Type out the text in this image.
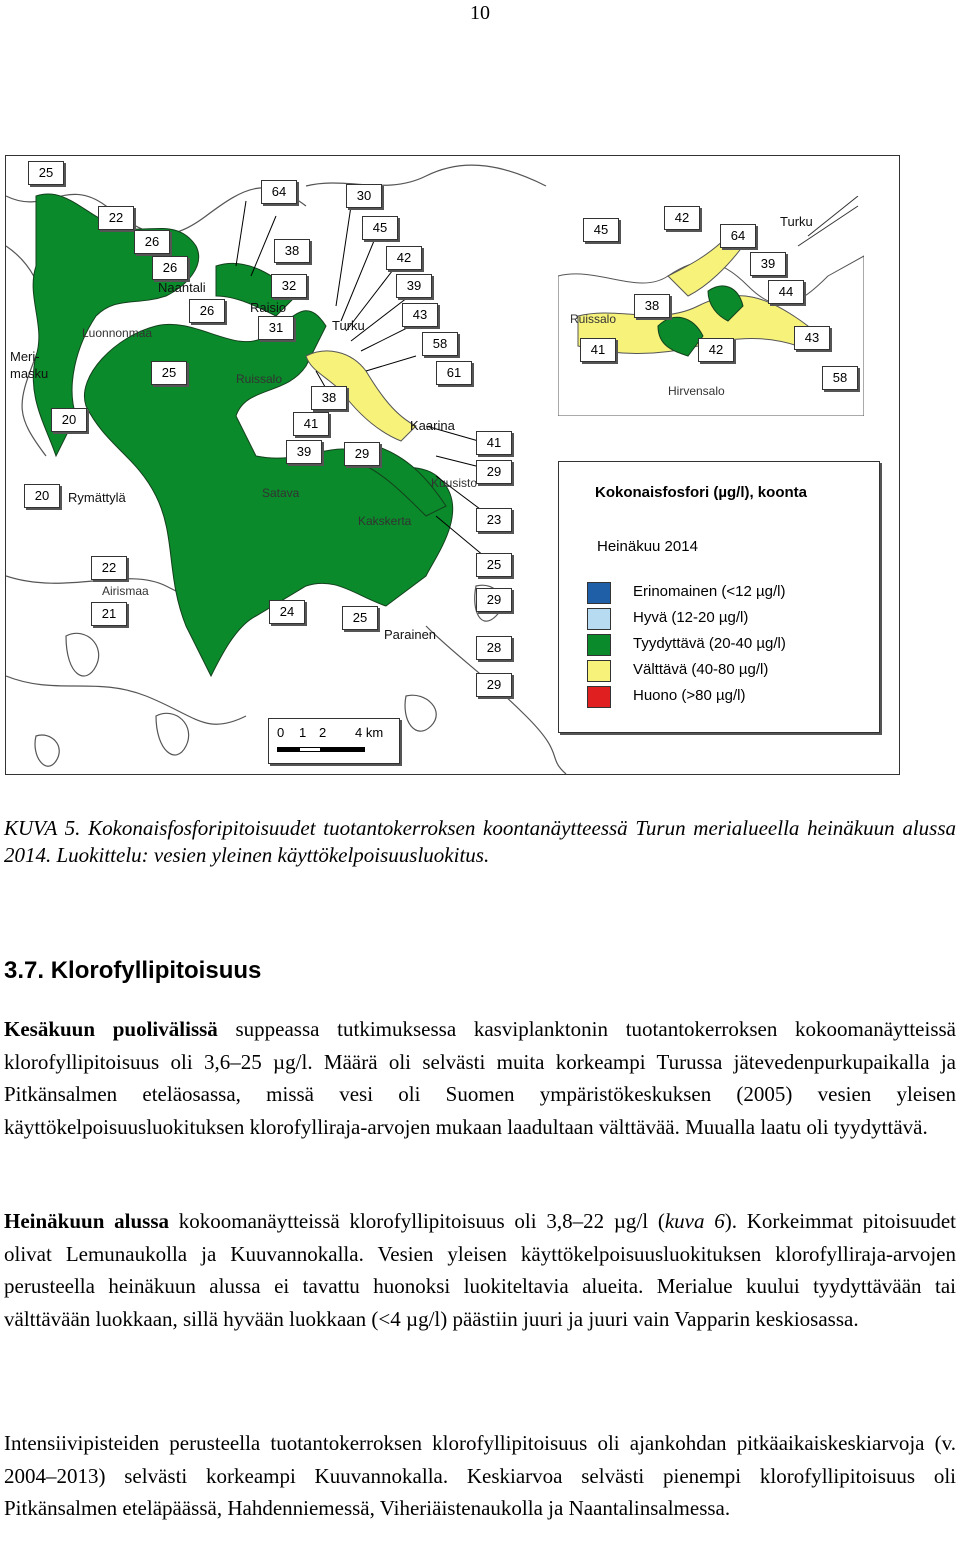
10
25
22
26
26
26
64
38
32
31
30
45
42
39
43
58
61
25
38
20	41
39	29
41
29
20
23
22	25
21	24	25
29
28
29
Meri-
masku
Luonnonmaa
Naantali
Raisio
Ruissalo
Turku
Kaarina
Kuusisto
Rymättylä	Satava
Kakskerta
Airismaa
Parainen
45
42
64
39
44
38
41	42
43
58
Turku
Ruissalo
Hirvensalo
Kokonaisfosfori (µg/l), koonta
Heinäkuu 2014
Erinomainen (<12 µg/l)
Hyvä (12-20 µg/l)
Tyydyttävä (20-40 µg/l)
Välttävä (40-80 µg/l)
Huono (>80 µg/l)
0 1 2 4 km
KUVA 5. Kokonaisfosforipitoisuudet tuotantokerroksen koontanäytteessä Turun merialueella heinäkuun alussa 2014. Luokittelu: vesien yleinen käyttökelpoisuusluokitus.
3.7. Klorofyllipitoisuus
Kesäkuun puolivälissä suppeassa tutkimuksessa kasviplanktonin tuotantokerroksen kokoomanäytteissä klorofyllipitoisuus oli 3,6–25 µg/l. Määrä oli selvästi muita korkeampi Turussa jätevedenpurkupaikalla ja Pitkänsalmen eteläosassa, missä vesi oli Suomen ympäristökeskuksen (2005) vesien yleisen käyttökelpoisuusluokituksen klorofylliraja-arvojen mukaan laadultaan välttävää. Muualla laatu oli tyydyttävä.
Heinäkuun alussa kokoomanäytteissä klorofyllipitoisuus oli 3,8–22 µg/l (kuva 6). Korkeimmat pitoisuudet olivat Lemunaukolla ja Kuuvannokalla. Vesien yleisen käyttökelpoisuusluokituksen klorofylliraja-arvojen perusteella heinäkuun alussa ei tavattu huonoksi luokiteltavia alueita. Merialue kuului tyydyttävään tai välttävään luokkaan, sillä hyvään luokkaan (<4 µg/l) päästiin juuri ja juuri vain Vapparin keskiosassa.
Intensiivipisteiden perusteella tuotantokerroksen klorofyllipitoisuus oli ajankohdan pitkäaikaiskeskiarvoja (v. 2004–2013) selvästi korkeampi Kuuvannokalla. Keskiarvoa selvästi pienempi klorofyllipitoisuus oli Pitkänsalmen eteläpäässä, Hahdenniemessä, Viheriäistenaukolla ja Naantalinsalmessa.
